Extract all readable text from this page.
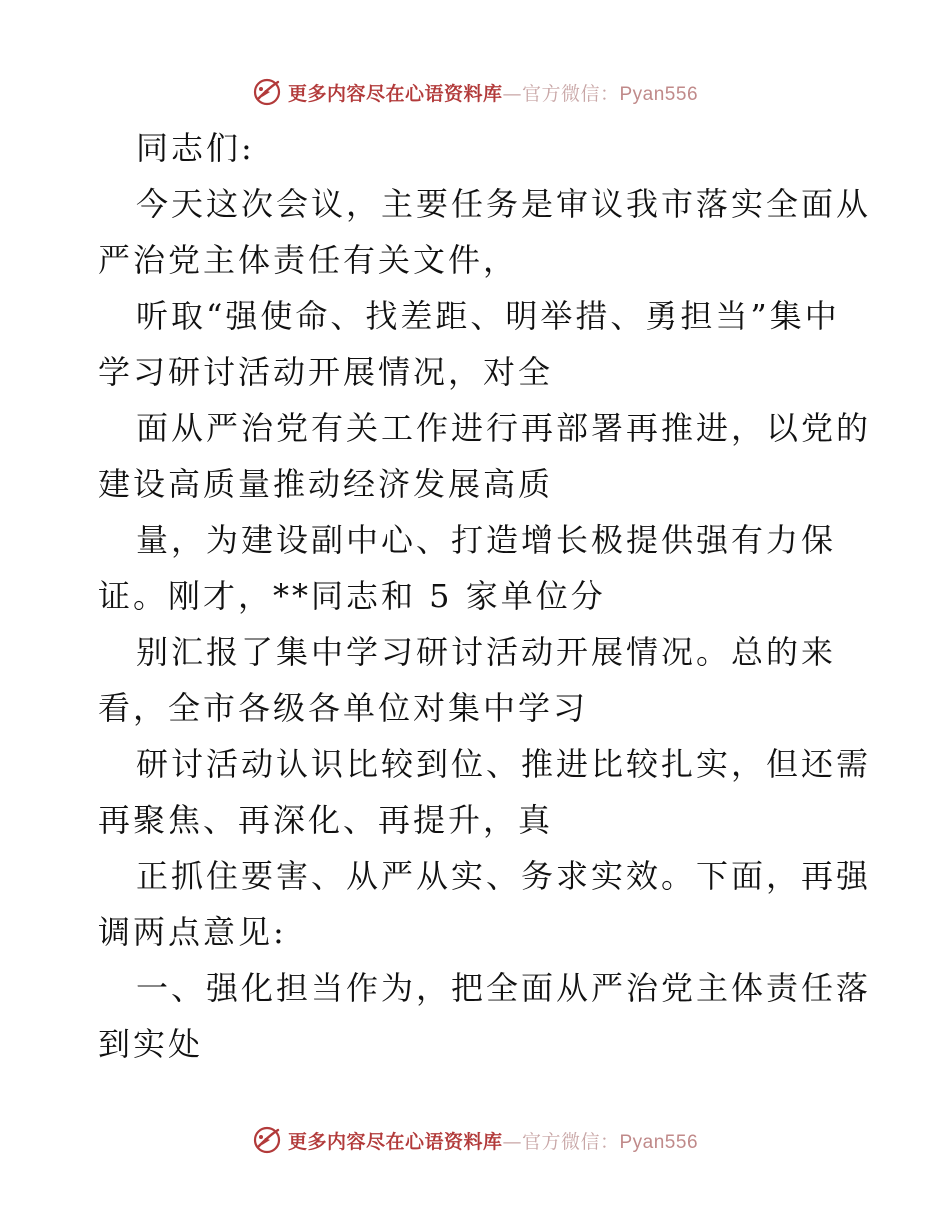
更多内容尽在心语资料库—官方微信：Pyan556

同志们:

今天这次会议，主要任务是审议我市落实全面从

严治党主体责任有关文件，

听取“强使命、找差距、明举措、勇担当”集中

学习研讨活动开展情况，对全

面从严治党有关工作进行再部署再推进，以党的

建设高质量推动经济发展高质

量，为建设副中心、打造增长极提供强有力保

证。刚才，**同志和 5 家单位分

别汇报了集中学习研讨活动开展情况。总的来

看，全市各级各单位对集中学习

研讨活动认识比较到位、推进比较扎实，但还需

再聚焦、再深化、再提升，真

正抓住要害、从严从实、务求实效。下面，再强

调两点意见:

一、强化担当作为，把全面从严治党主体责任落

到实处

更多内容尽在心语资料库—官方微信：Pyan556
